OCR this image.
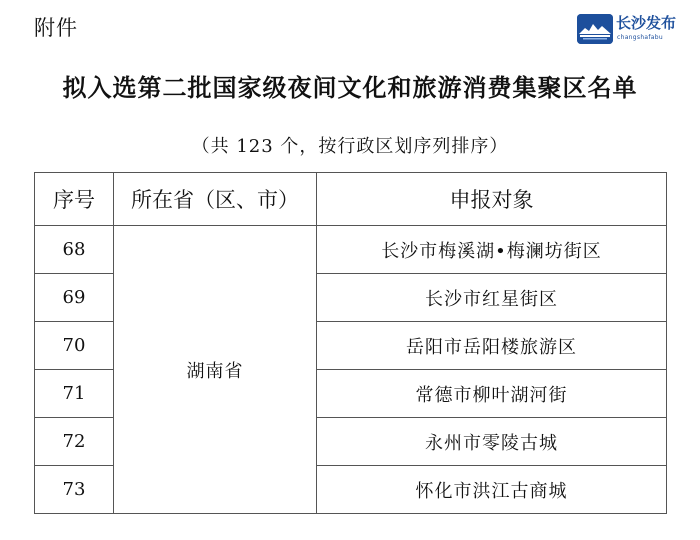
附件	长沙发布
changshafabu
拟入选第二批国家级夜间文化和旅游消费集聚区名单
（共 123 个，按行政区划序列排序）
序号	所在省（区、市）	申报对象
68	湖南省	长沙市梅溪湖•梅澜坊街区
69		长沙市红星街区
70		岳阳市岳阳楼旅游区
71		常德市柳叶湖河街
72		永州市零陵古城
73		怀化市洪江古商城
